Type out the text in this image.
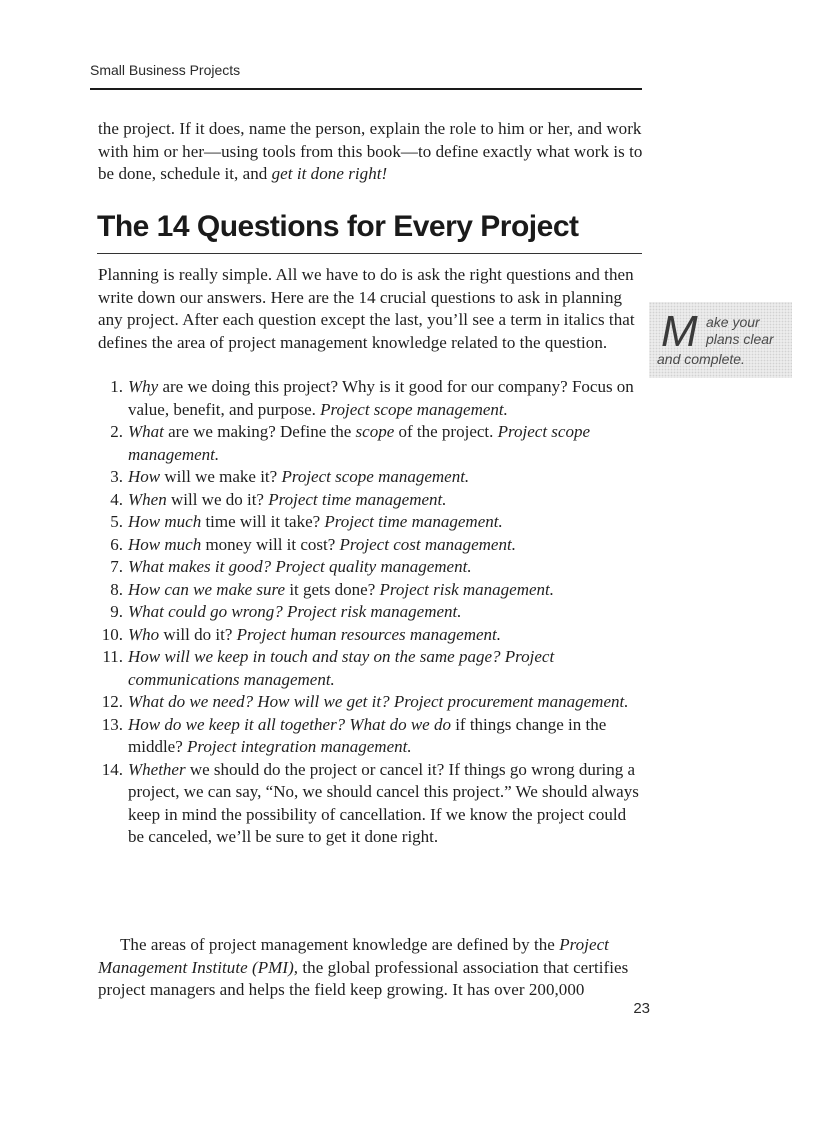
Small Business Projects

the project. If it does, name the person, explain the role to him or her, and work with him or her—using tools from this book—to define exactly what work is to be done, schedule it, and get it done right!

The 14 Questions for Every Project

Planning is really simple. All we have to do is ask the right questions and then write down our answers. Here are the 14 crucial questions to ask in planning any project. After each question except the last, you’ll see a term in italics that defines the area of project management knowledge related to the question.	M ake your
plans clear
and complete.
1. Why are we doing this project? Why is it good for our company? Focus on value, benefit, and purpose. Project scope management.
2. What are we making? Define the scope of the project. Project scope management.
3. How will we make it? Project scope management.
4. When will we do it? Project time management.
5. How much time will it take? Project time management.
6. How much money will it cost? Project cost management.
7. What makes it good? Project quality management.
8. How can we make sure it gets done? Project risk management.
9. What could go wrong? Project risk management.
10. Who will do it? Project human resources management.
11. How will we keep in touch and stay on the same page? Project communications management.
12. What do we need? How will we get it? Project procurement management.
13. How do we keep it all together? What do we do if things change in the middle? Project integration management.
14. Whether we should do the project or cancel it? If things go wrong during a project, we can say, “No, we should cancel this project.” We should always keep in mind the possibility of cancellation. If we know the project could be canceled, we’ll be sure to get it done right.

The areas of project management knowledge are defined by the Project Management Institute (PMI), the global professional association that certifies project managers and helps the field keep growing. It has over 200,000

23
